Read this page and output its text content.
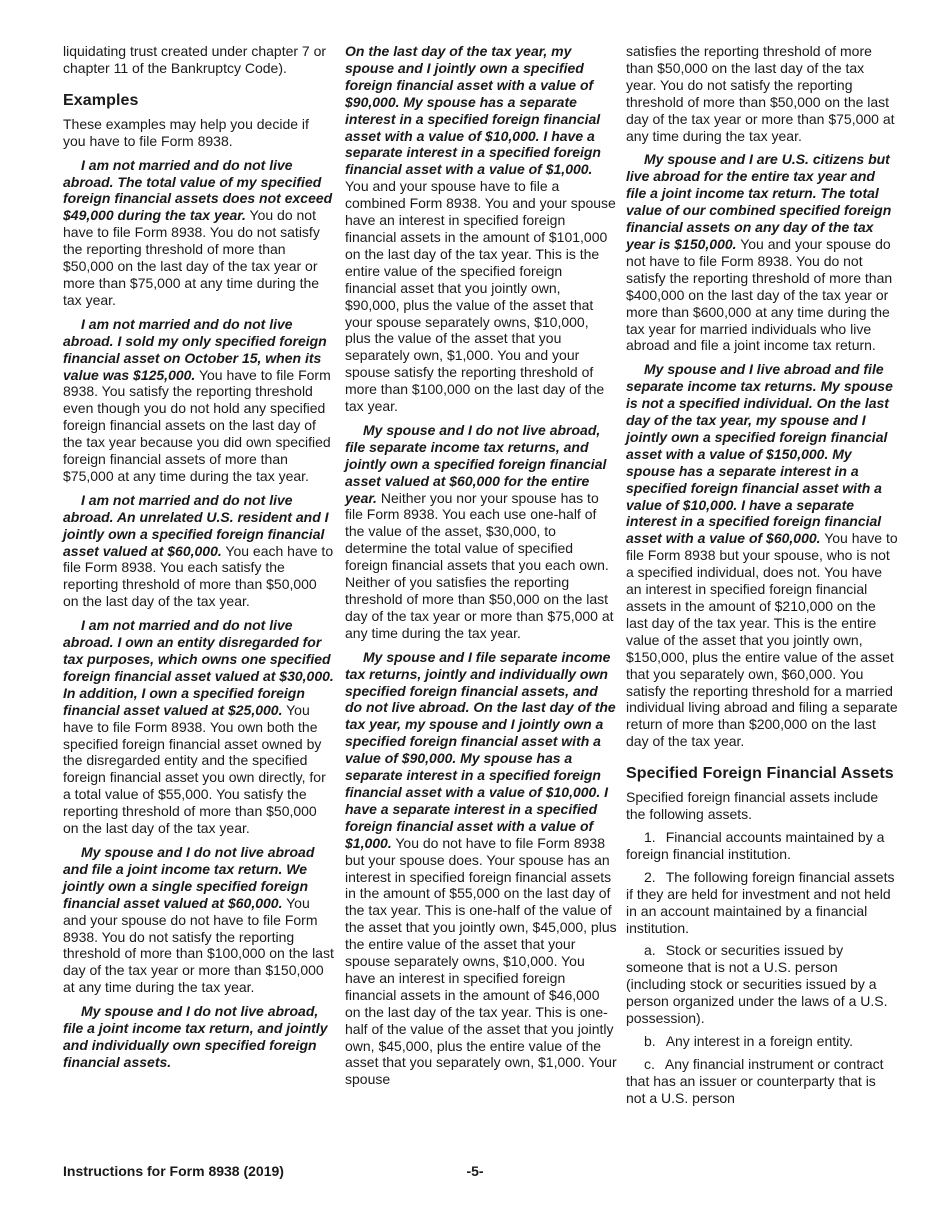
liquidating trust created under chapter 7 or chapter 11 of the Bankruptcy Code).

Examples

These examples may help you decide if you have to file Form 8938.

I am not married and do not live abroad. The total value of my specified foreign financial assets does not exceed $49,000 during the tax year. You do not have to file Form 8938. You do not satisfy the reporting threshold of more than $50,000 on the last day of the tax year or more than $75,000 at any time during the tax year.

I am not married and do not live abroad. I sold my only specified foreign financial asset on October 15, when its value was $125,000. You have to file Form 8938. You satisfy the reporting threshold even though you do not hold any specified foreign financial assets on the last day of the tax year because you did own specified foreign financial assets of more than $75,000 at any time during the tax year.

I am not married and do not live abroad. An unrelated U.S. resident and I jointly own a specified foreign financial asset valued at $60,000. You each have to file Form 8938. You each satisfy the reporting threshold of more than $50,000 on the last day of the tax year.

I am not married and do not live abroad. I own an entity disregarded for tax purposes, which owns one specified foreign financial asset valued at $30,000. In addition, I own a specified foreign financial asset valued at $25,000. You have to file Form 8938. You own both the specified foreign financial asset owned by the disregarded entity and the specified foreign financial asset you own directly, for a total value of $55,000. You satisfy the reporting threshold of more than $50,000 on the last day of the tax year.

My spouse and I do not live abroad and file a joint income tax return. We jointly own a single specified foreign financial asset valued at $60,000. You and your spouse do not have to file Form 8938. You do not satisfy the reporting threshold of more than $100,000 on the last day of the tax year or more than $150,000 at any time during the tax year.

My spouse and I do not live abroad, file a joint income tax return, and jointly and individually own specified foreign financial assets.

On the last day of the tax year, my spouse and I jointly own a specified foreign financial asset with a value of $90,000. My spouse has a separate interest in a specified foreign financial asset with a value of $10,000. I have a separate interest in a specified foreign financial asset with a value of $1,000. You and your spouse have to file a combined Form 8938. You and your spouse have an interest in specified foreign financial assets in the amount of $101,000 on the last day of the tax year. This is the entire value of the specified foreign financial asset that you jointly own, $90,000, plus the value of the asset that your spouse separately owns, $10,000, plus the value of the asset that you separately own, $1,000. You and your spouse satisfy the reporting threshold of more than $100,000 on the last day of the tax year.

My spouse and I do not live abroad, file separate income tax returns, and jointly own a specified foreign financial asset valued at $60,000 for the entire year. Neither you nor your spouse has to file Form 8938. You each use one-half of the value of the asset, $30,000, to determine the total value of specified foreign financial assets that you each own. Neither of you satisfies the reporting threshold of more than $50,000 on the last day of the tax year or more than $75,000 at any time during the tax year.

My spouse and I file separate income tax returns, jointly and individually own specified foreign financial assets, and do not live abroad. On the last day of the tax year, my spouse and I jointly own a specified foreign financial asset with a value of $90,000. My spouse has a separate interest in a specified foreign financial asset with a value of $10,000. I have a separate interest in a specified foreign financial asset with a value of $1,000. You do not have to file Form 8938 but your spouse does. Your spouse has an interest in specified foreign financial assets in the amount of $55,000 on the last day of the tax year. This is one-half of the value of the asset that you jointly own, $45,000, plus the entire value of the asset that your spouse separately owns, $10,000. You have an interest in specified foreign financial assets in the amount of $46,000 on the last day of the tax year. This is one-half of the value of the asset that you jointly own, $45,000, plus the entire value of the asset that you separately own, $1,000. Your spouse

satisfies the reporting threshold of more than $50,000 on the last day of the tax year. You do not satisfy the reporting threshold of more than $50,000 on the last day of the tax year or more than $75,000 at any time during the tax year.

My spouse and I are U.S. citizens but live abroad for the entire tax year and file a joint income tax return. The total value of our combined specified foreign financial assets on any day of the tax year is $150,000. You and your spouse do not have to file Form 8938. You do not satisfy the reporting threshold of more than $400,000 on the last day of the tax year or more than $600,000 at any time during the tax year for married individuals who live abroad and file a joint income tax return.

My spouse and I live abroad and file separate income tax returns. My spouse is not a specified individual. On the last day of the tax year, my spouse and I jointly own a specified foreign financial asset with a value of $150,000. My spouse has a separate interest in a specified foreign financial asset with a value of $10,000. I have a separate interest in a specified foreign financial asset with a value of $60,000. You have to file Form 8938 but your spouse, who is not a specified individual, does not. You have an interest in specified foreign financial assets in the amount of $210,000 on the last day of the tax year. This is the entire value of the asset that you jointly own, $150,000, plus the entire value of the asset that you separately own, $60,000. You satisfy the reporting threshold for a married individual living abroad and filing a separate return of more than $200,000 on the last day of the tax year.

Specified Foreign Financial Assets

Specified foreign financial assets include the following assets.

1. Financial accounts maintained by a foreign financial institution.

2. The following foreign financial assets if they are held for investment and not held in an account maintained by a financial institution.

a. Stock or securities issued by someone that is not a U.S. person (including stock or securities issued by a person organized under the laws of a U.S. possession).

b. Any interest in a foreign entity.

c. Any financial instrument or contract that has an issuer or counterparty that is not a U.S. person

-5-
Instructions for Form 8938 (2019)
